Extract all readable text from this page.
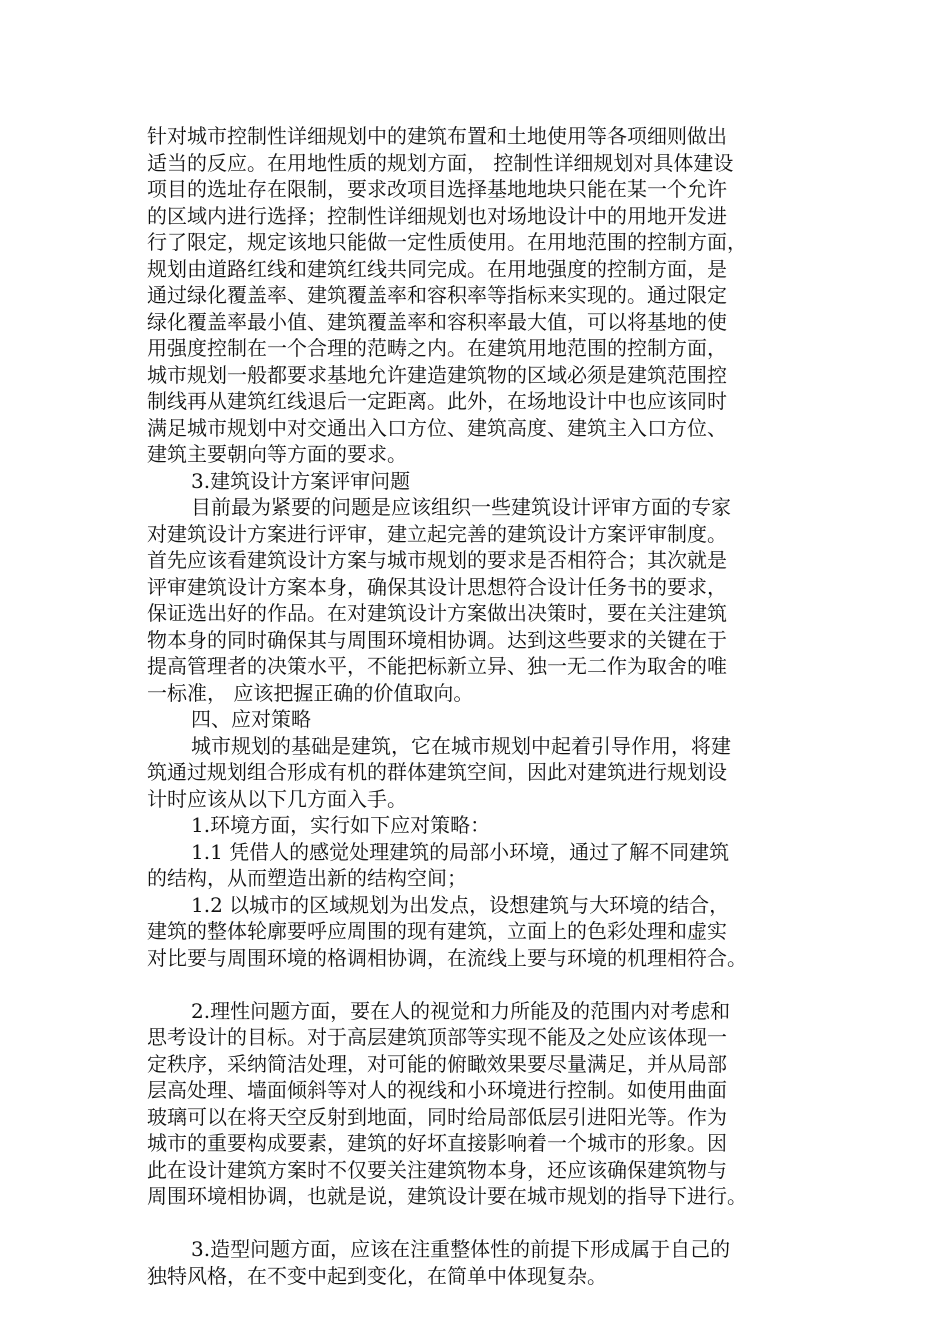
针对城市控制性详细规划中的建筑布置和土地使用等各项细则做出
适当的反应。在用地性质的规划方面， 控制性详细规划对具体建设
项目的选址存在限制，要求改项目选择基地地块只能在某一个允许
的区域内进行选择；控制性详细规划也对场地设计中的用地开发进
行了限定，规定该地只能做一定性质使用。在用地范围的控制方面，
规划由道路红线和建筑红线共同完成。在用地强度的控制方面，是
通过绿化覆盖率、建筑覆盖率和容积率等指标来实现的。通过限定
绿化覆盖率最小值、建筑覆盖率和容积率最大值，可以将基地的使
用强度控制在一个合理的范畴之内。在建筑用地范围的控制方面，
城市规划一般都要求基地允许建造建筑物的区域必须是建筑范围控
制线再从建筑红线退后一定距离。此外，在场地设计中也应该同时
满足城市规划中对交通出入口方位、建筑高度、建筑主入口方位、
建筑主要朝向等方面的要求。
3.建筑设计方案评审问题
目前最为紧要的问题是应该组织一些建筑设计评审方面的专家
对建筑设计方案进行评审，建立起完善的建筑设计方案评审制度。
首先应该看建筑设计方案与城市规划的要求是否相符合；其次就是
评审建筑设计方案本身，确保其设计思想符合设计任务书的要求，
保证选出好的作品。在对建筑设计方案做出决策时，要在关注建筑
物本身的同时确保其与周围环境相协调。达到这些要求的关键在于
提高管理者的决策水平，不能把标新立异、独一无二作为取舍的唯
一标准， 应该把握正确的价值取向。
四、应对策略
城市规划的基础是建筑，它在城市规划中起着引导作用，将建
筑通过规划组合形成有机的群体建筑空间，因此对建筑进行规划设
计时应该从以下几方面入手。
1.环境方面，实行如下应对策略：
1.1 凭借人的感觉处理建筑的局部小环境，通过了解不同建筑
的结构，从而塑造出新的结构空间；
1.2 以城市的区域规划为出发点，设想建筑与大环境的结合，
建筑的整体轮廓要呼应周围的现有建筑，立面上的色彩处理和虚实
对比要与周围环境的格调相协调，在流线上要与环境的机理相符合。
2.理性问题方面，要在人的视觉和力所能及的范围内对考虑和
思考设计的目标。对于高层建筑顶部等实现不能及之处应该体现一
定秩序，采纳简洁处理，对可能的俯瞰效果要尽量满足，并从局部
层高处理、墙面倾斜等对人的视线和小环境进行控制。如使用曲面
玻璃可以在将天空反射到地面，同时给局部低层引进阳光等。作为
城市的重要构成要素，建筑的好坏直接影响着一个城市的形象。因
此在设计建筑方案时不仅要关注建筑物本身，还应该确保建筑物与
周围环境相协调，也就是说，建筑设计要在城市规划的指导下进行。
3.造型问题方面，应该在注重整体性的前提下形成属于自己的
独特风格，在不变中起到变化，在简单中体现复杂。
